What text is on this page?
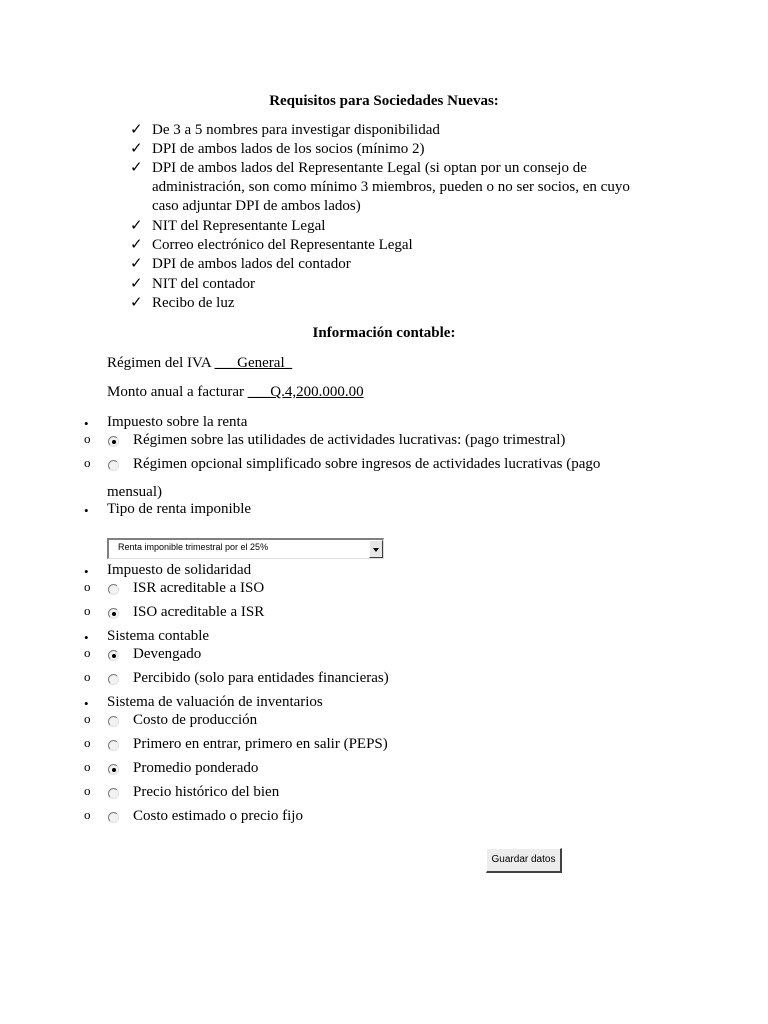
Requisitos para Sociedades Nuevas:
✓ De 3 a 5 nombres para investigar disponibilidad
✓ DPI de ambos lados de los socios (mínimo 2)
✓ DPI de ambos lados del Representante Legal (si optan por un consejo de administración, son como mínimo 3 miembros, pueden o no ser socios, en cuyo caso adjuntar DPI de ambos lados)
✓ NIT del Representante Legal
✓ Correo electrónico del Representante Legal
✓ DPI de ambos lados del contador
✓ NIT del contador
✓ Recibo de luz
Información contable:
Régimen del IVA ___General_
Monto anual a facturar ___Q.4,200.000.00
• Impuesto sobre la renta
o	Régimen sobre las utilidades de actividades lucrativas: (pago trimestral)
o	Régimen opcional simplificado sobre ingresos de actividades lucrativas (pago
mensual)
• Tipo de renta imponible
Renta imponible trimestral por el 25%
• Impuesto de solidaridad
o	ISR acreditable a ISO
o	ISO acreditable a ISR
• Sistema contable
o	Devengado
o	Percibido (solo para entidades financieras)
• Sistema de valuación de inventarios
o	Costo de producción
o	Primero en entrar, primero en salir (PEPS)
o	Promedio ponderado
o	Precio histórico del bien
o	Costo estimado o precio fijo
Guardar datos
